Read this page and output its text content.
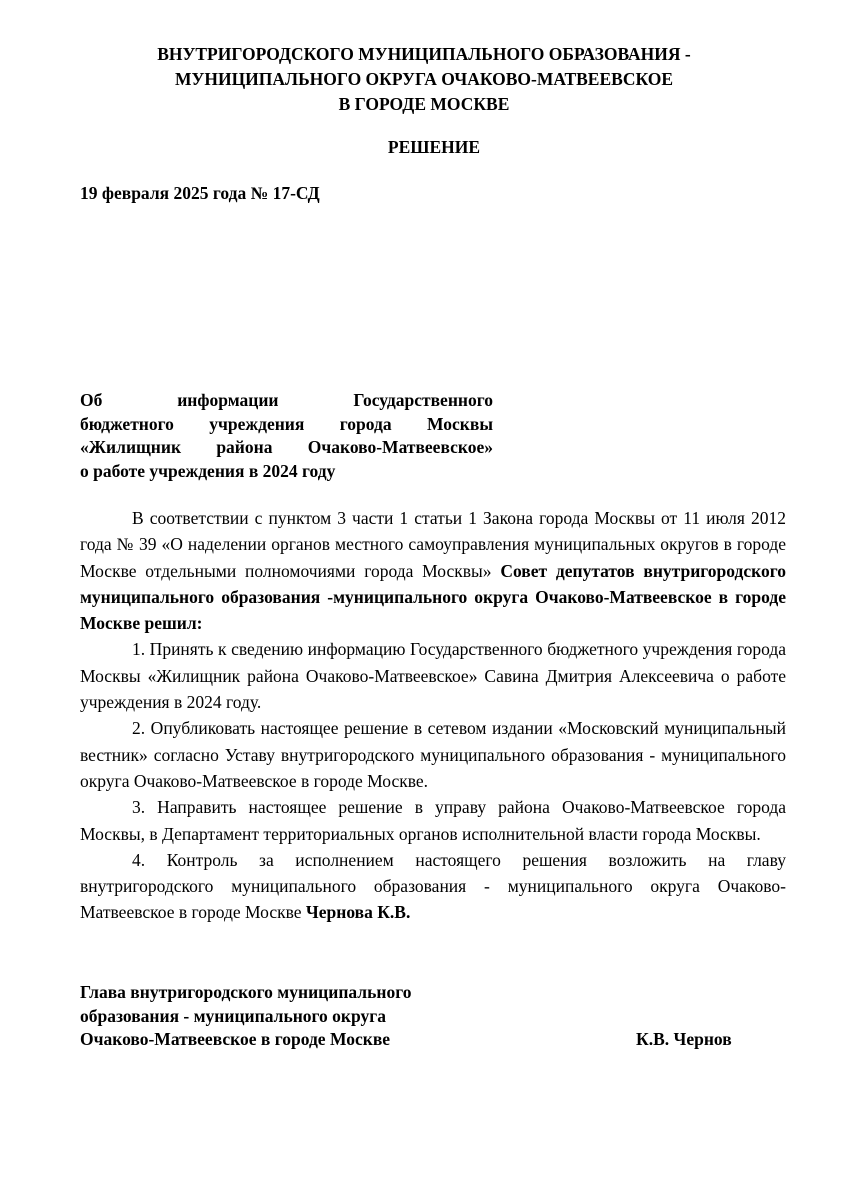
ВНУТРИГОРОДСКОГО МУНИЦИПАЛЬНОГО ОБРАЗОВАНИЯ -
МУНИЦИПАЛЬНОГО ОКРУГА ОЧАКОВО-МАТВЕЕВСКОЕ
В ГОРОДЕ МОСКВЕ
РЕШЕНИЕ
19 февраля 2025 года № 17-СД
Об информации Государственного
бюджетного учреждения города Москвы
«Жилищник района Очаково-Матвеевское»
о работе учреждения в 2024 году

В соответствии с пунктом 3 части 1 статьи 1 Закона города Москвы от 11 июля 2012 года № 39 «О наделении органов местного самоуправления муниципальных округов в городе Москве отдельными полномочиями города Москвы» Совет депутатов внутригородского муниципального образования -муниципального округа Очаково-Матвеевское в городе Москве решил:

1. Принять к сведению информацию Государственного бюджетного учреждения города Москвы «Жилищник района Очаково-Матвеевское» Савина Дмитрия Алексеевича о работе учреждения в 2024 году.

2. Опубликовать настоящее решение в сетевом издании «Московский муниципальный вестник» согласно Уставу внутригородского муниципального образования - муниципального округа Очаково-Матвеевское в городе Москве.

3. Направить настоящее решение в управу района Очаково-Матвеевское города Москвы, в Департамент территориальных органов исполнительной власти города Москвы.

4. Контроль за исполнением настоящего решения возложить на главу внутригородского муниципального образования - муниципального округа Очаково-Матвеевское в городе Москве Чернова К.В.

Глава внутригородского муниципального
образования - муниципального округа
Очаково-Матвеевское в городе Москве	К.В. Чернов
